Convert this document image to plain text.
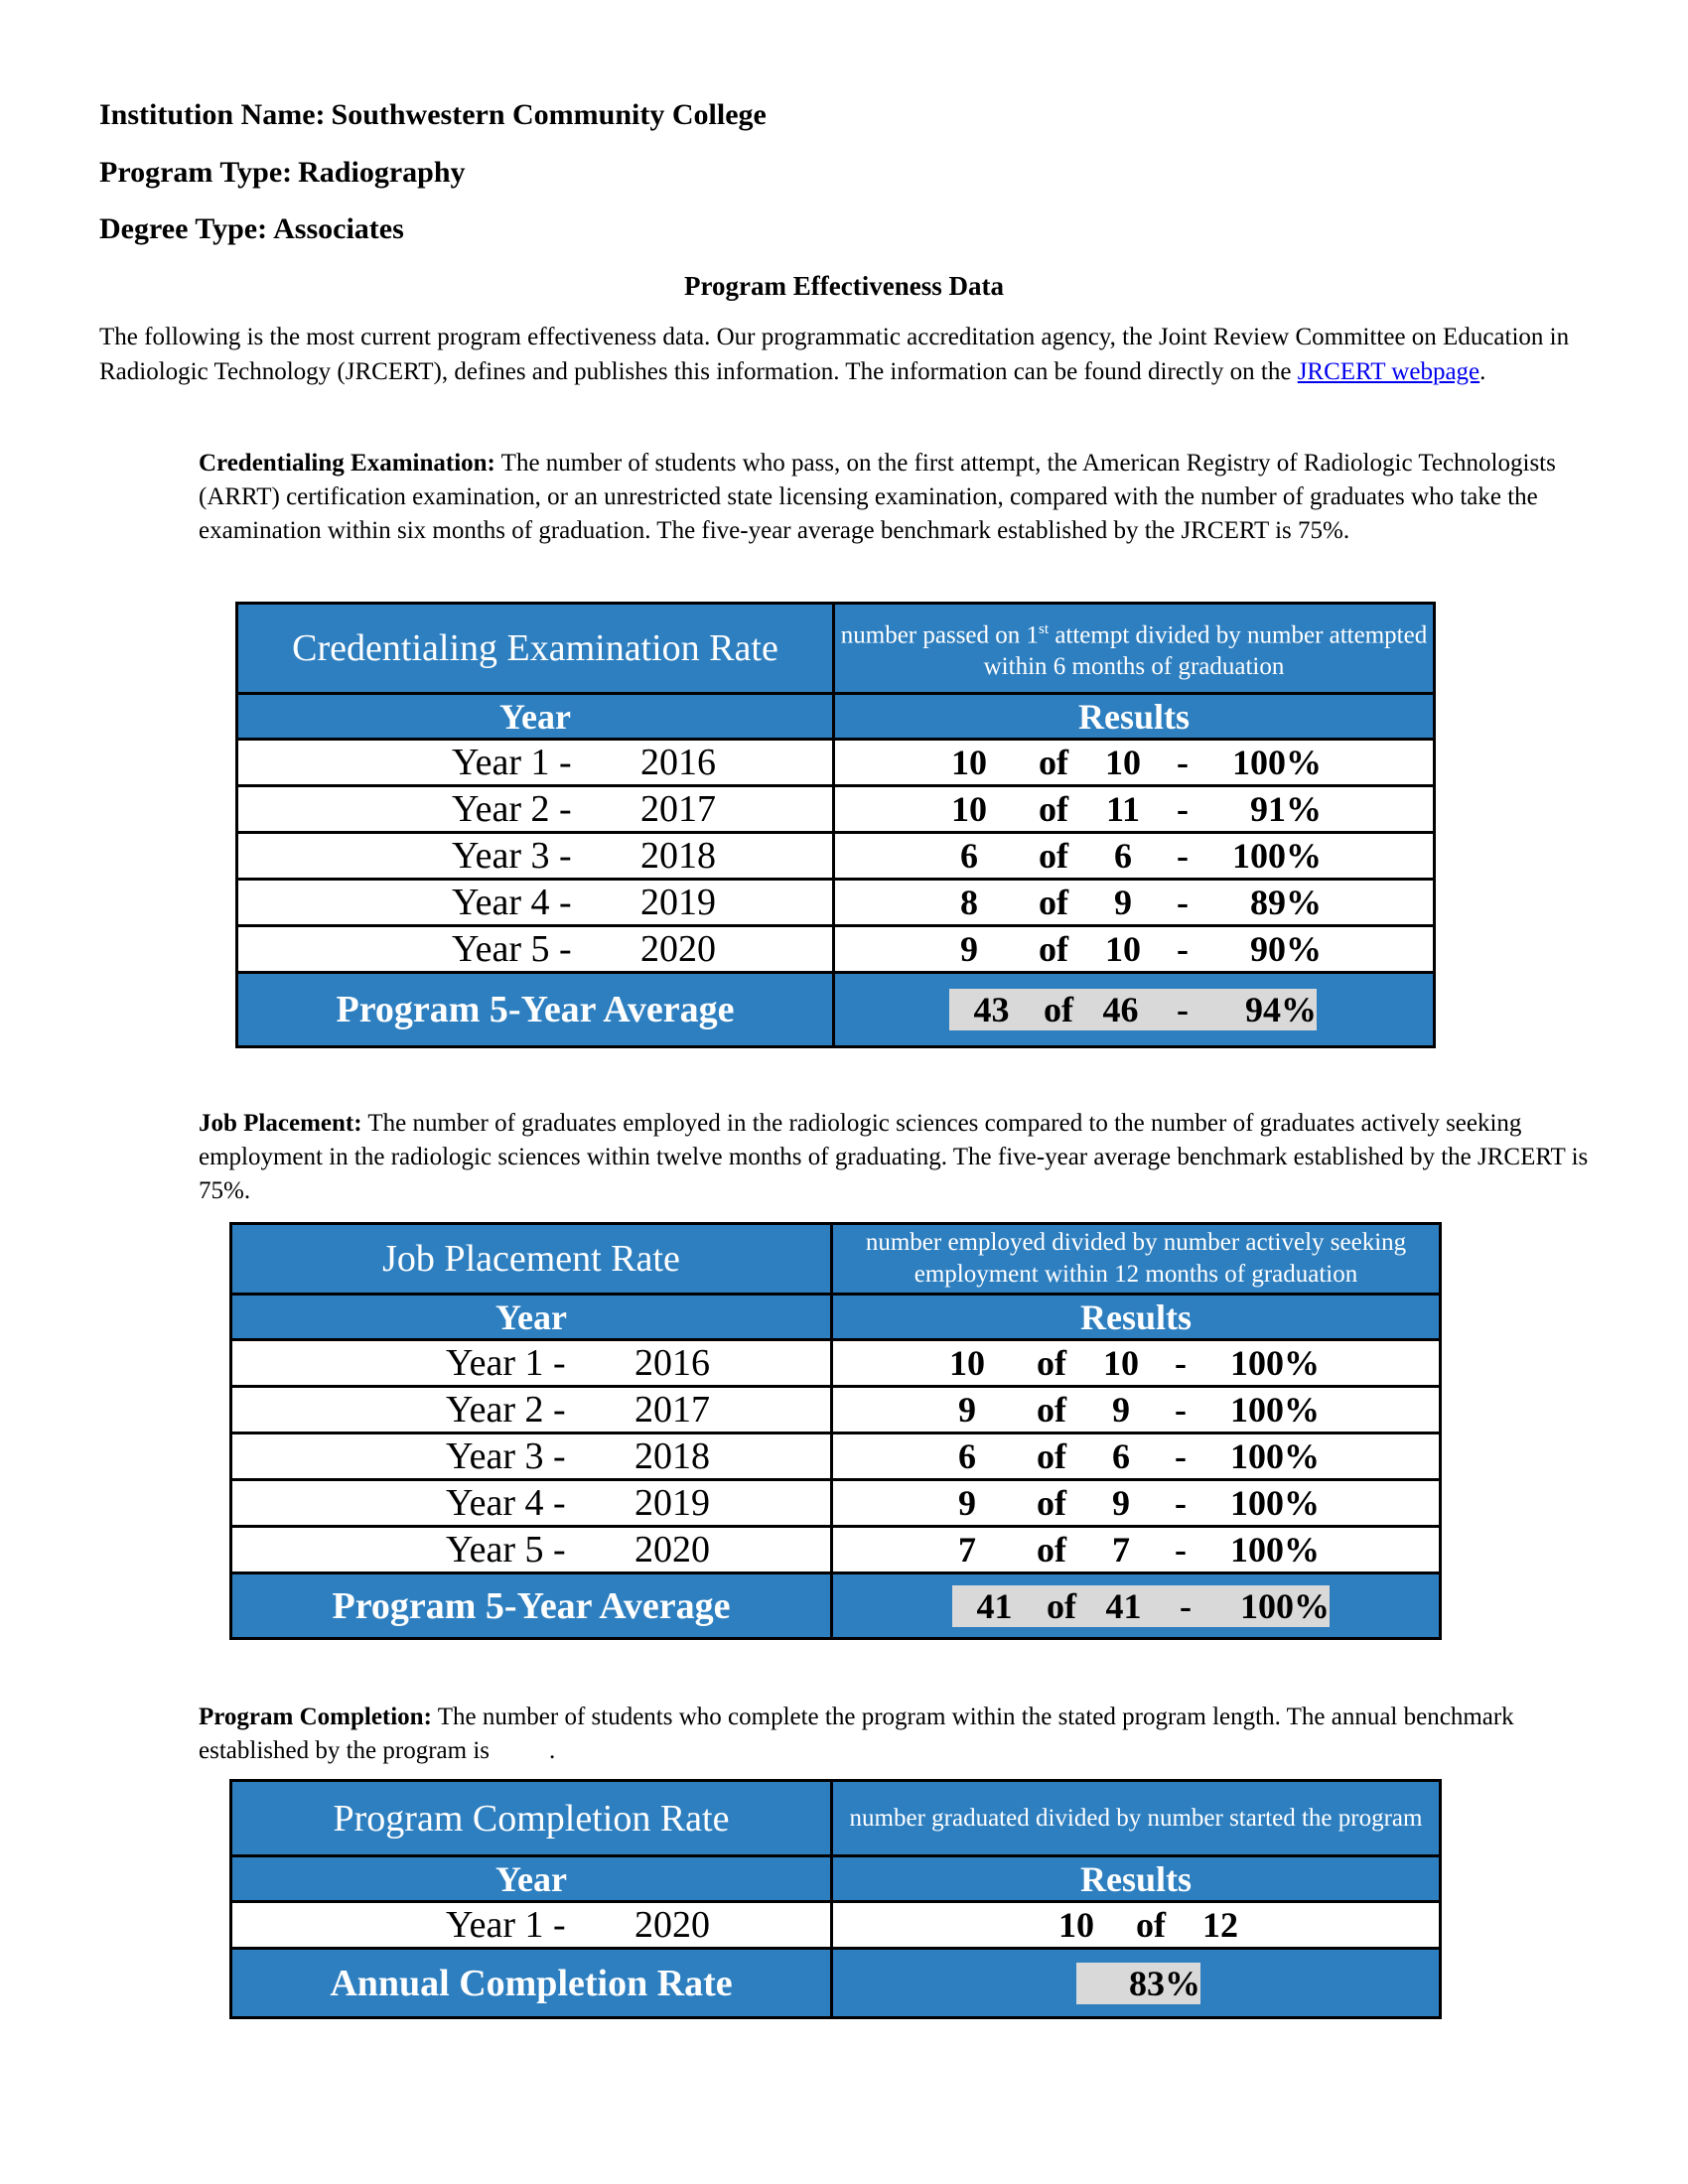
Institution Name: Southwestern Community College
Program Type: Radiography
Degree Type: Associates
Program Effectiveness Data
The following is the most current program effectiveness data. Our programmatic accreditation agency, the Joint Review Committee on Education in Radiologic Technology (JRCERT), defines and publishes this information. The information can be found directly on the JRCERT webpage.
Credentialing Examination: The number of students who pass, on the first attempt, the American Registry of Radiologic Technologists (ARRT) certification examination, or an unrestricted state licensing examination, compared with the number of graduates who take the examination within six months of graduation. The five-year average benchmark established by the JRCERT is 75%.
Credentialing Examination Rate	number passed on 1st attempt divided by number attempted within 6 months of graduation
Year	Results
Year 1 - 2016	10 of 10 - 100%
Year 2 - 2017	10 of 11 - 91%
Year 3 - 2018	6 of 6 - 100%
Year 4 - 2019	8 of 9 - 89%
Year 5 - 2020	9 of 10 - 90%
Program 5-Year Average	43 of 46 - 94%
Job Placement: The number of graduates employed in the radiologic sciences compared to the number of graduates actively seeking employment in the radiologic sciences within twelve months of graduating. The five-year average benchmark established by the JRCERT is 75%.
Job Placement Rate	number employed divided by number actively seeking employment within 12 months of graduation
Year	Results
Year 1 - 2016	10 of 10 - 100%
Year 2 - 2017	9 of 9 - 100%
Year 3 - 2018	6 of 6 - 100%
Year 4 - 2019	9 of 9 - 100%
Year 5 - 2020	7 of 7 - 100%
Program 5-Year Average	41 of 41 - 100%
Program Completion: The number of students who complete the program within the stated program length. The annual benchmark established by the program is .
Program Completion Rate	number graduated divided by number started the program
Year	Results
Year 1 - 2020	10 of 12
Annual Completion Rate	83%
